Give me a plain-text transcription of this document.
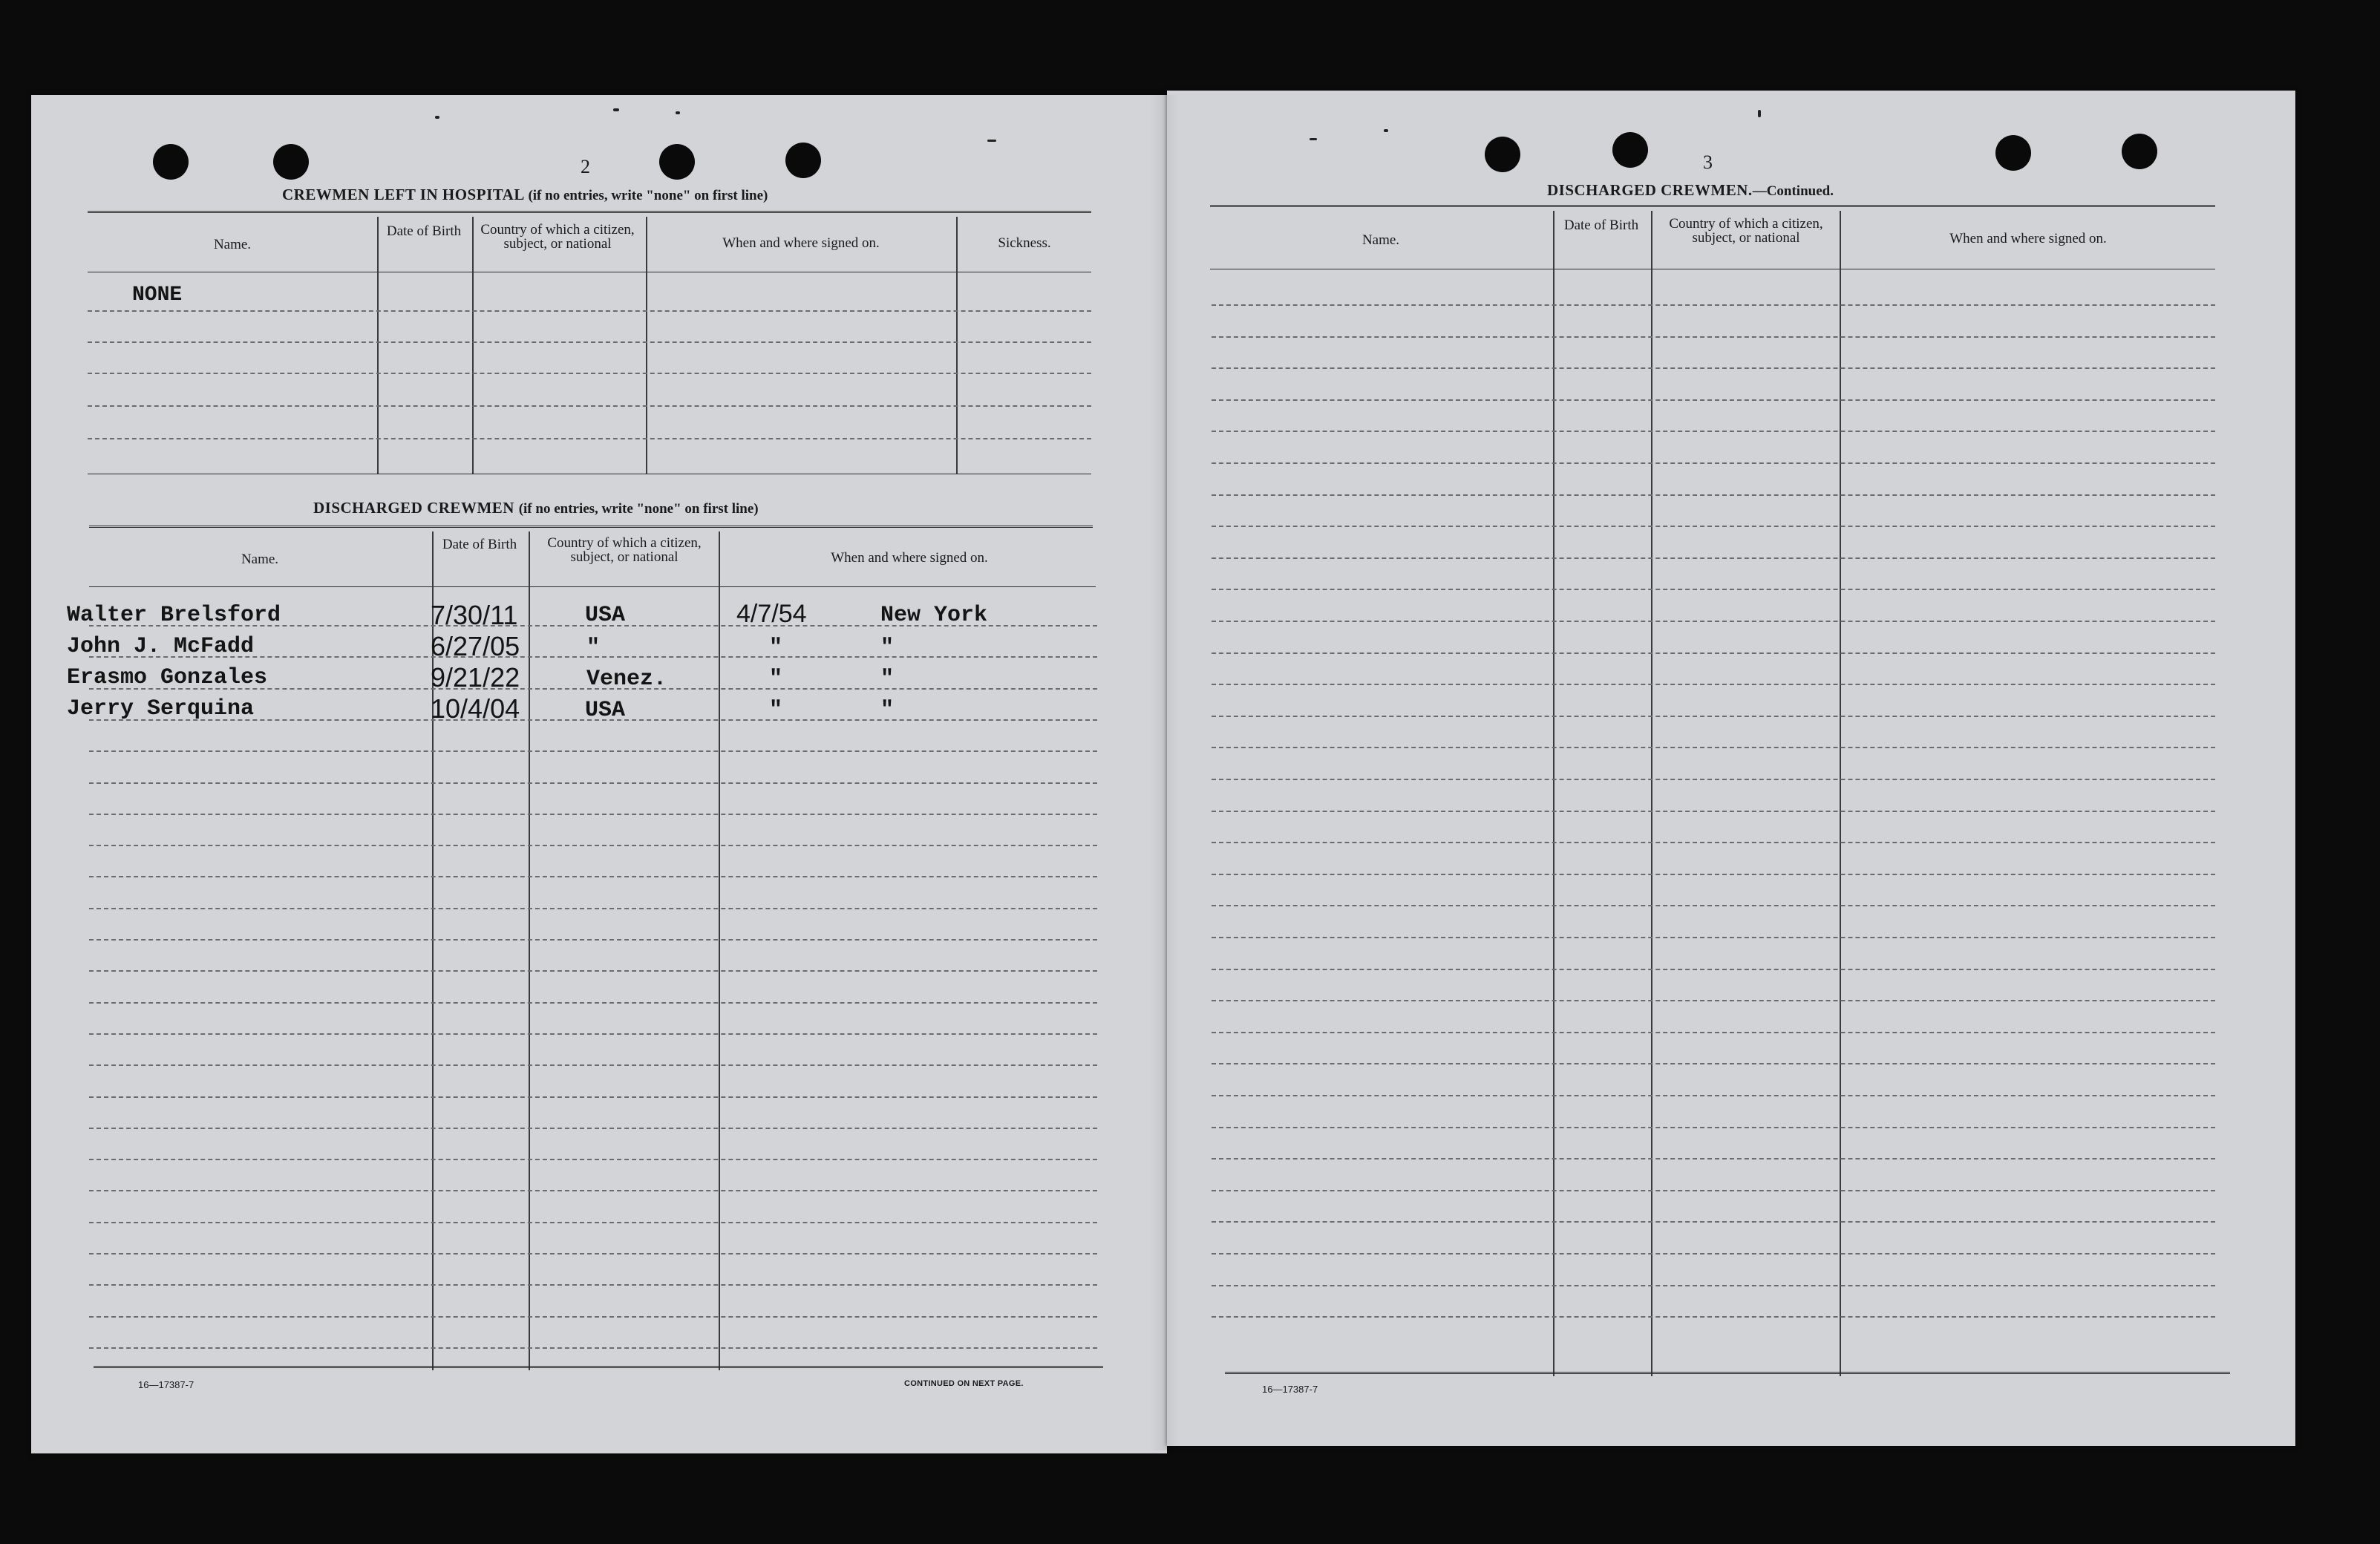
2
CREWMEN LEFT IN HOSPITAL (if no entries, write "none" on first line)
Name.
Date of Birth	Country of which a citizen, subject, or national	When and where signed on.	Sickness.
NONE
DISCHARGED CREWMEN (if no entries, write "none" on first line)
Name.
Date of Birth	Country of which a citizen, subject, or national	When and where signed on.
Walter Brelsford	7/30/11	USA	4/7/54	New York
John J. McFadd	6/27/05	"	"	"
Erasmo Gonzales	9/21/22	Venez.	"	"
Jerry Serquina	10/4/04	USA	"	"
16—17387-7	CONTINUED ON NEXT PAGE.
3
DISCHARGED CREWMEN.—Continued.
Name.
Date of Birth	Country of which a citizen, subject, or national	When and where signed on.
16—17387-7
